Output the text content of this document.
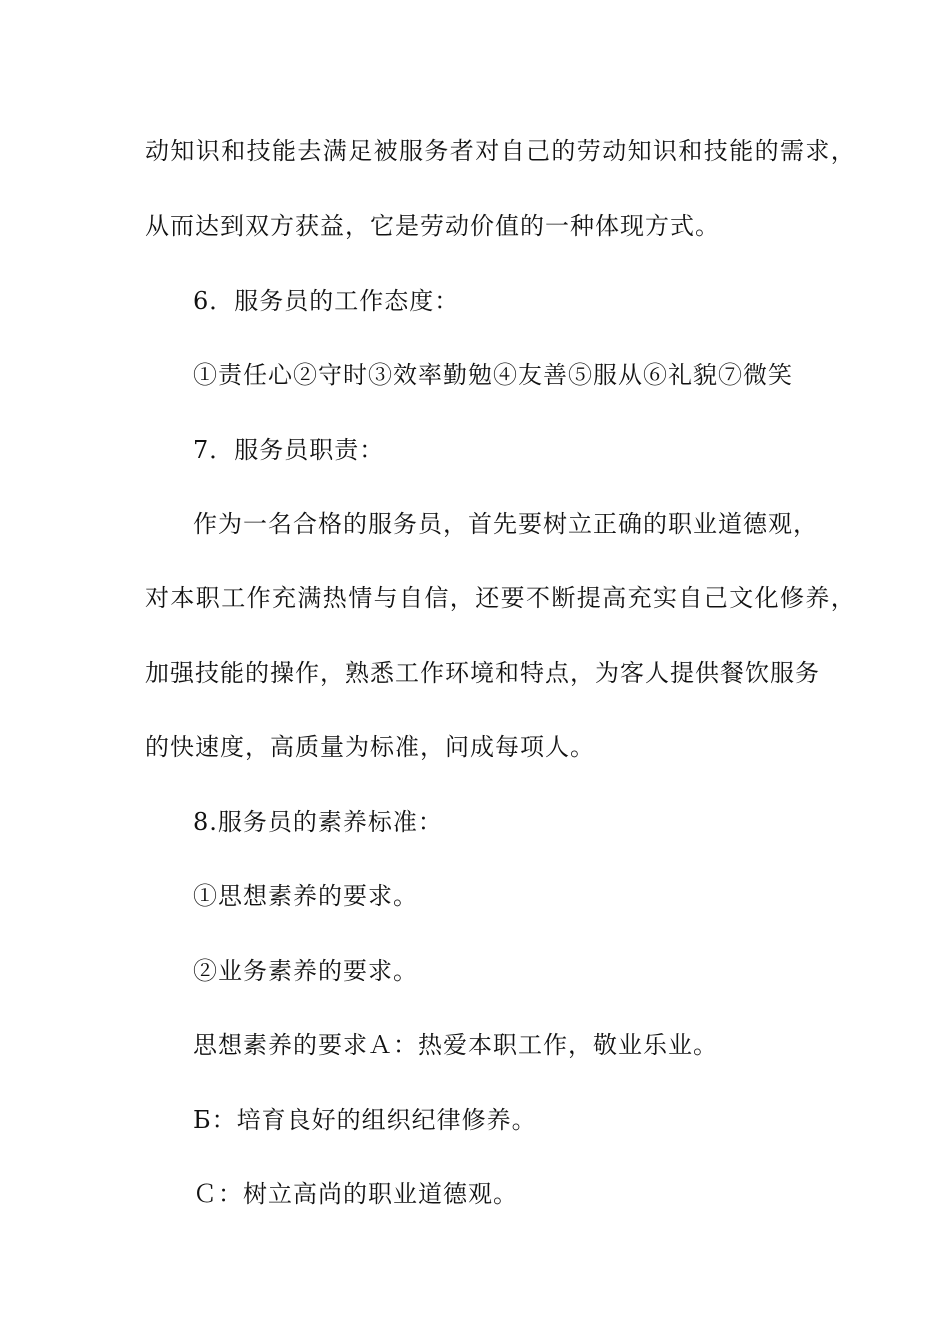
动知识和技能去满足被服务者对自己的劳动知识和技能的需求，
从而达到双方获益，它是劳动价值的一种体现方式。
6．服务员的工作态度：
①责任心②守时③效率勤勉④友善⑤服从⑥礼貌⑦微笑
7．服务员职责：
作为一名合格的服务员，首先要树立正确的职业道德观，
对本职工作充满热情与自信，还要不断提高充实自己文化修养，
加强技能的操作，熟悉工作环境和特点，为客人提供餐饮服务
的快速度，高质量为标准，问成每项人。
8.服务员的素养标准：
①思想素养的要求。
②业务素养的要求。
思想素养的要求Ａ：热爱本职工作，敬业乐业。
Б：培育良好的组织纪律修养。
Ｃ：树立高尚的职业道德观。
